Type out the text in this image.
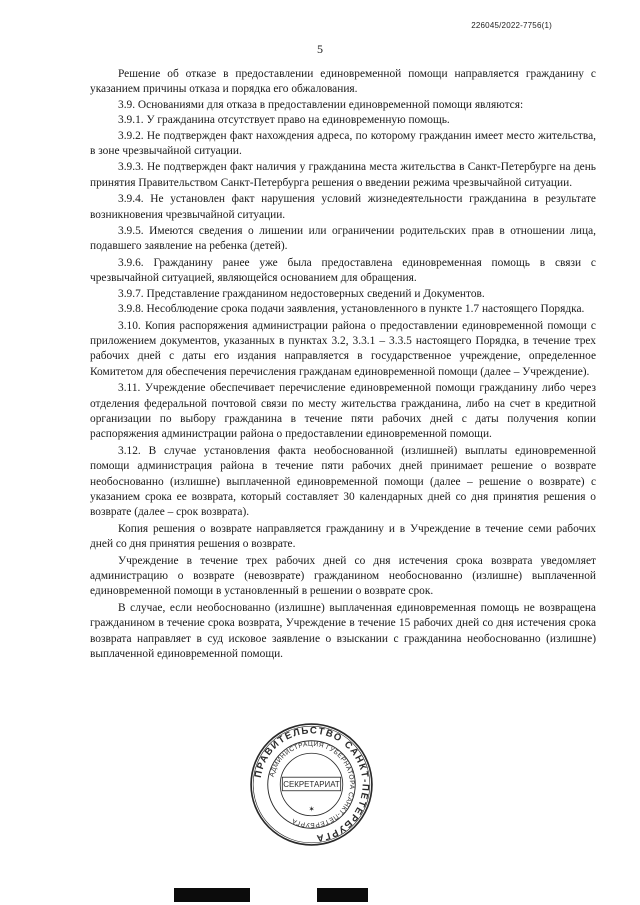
226045/2022-7756(1)
5

Решение об отказе в предоставлении единовременной помощи направляется гражданину с указанием причины отказа и порядка его обжалования.

3.9. Основаниями для отказа в предоставлении единовременной помощи являются:

3.9.1. У гражданина отсутствует право на единовременную помощь.

3.9.2. Не подтвержден факт нахождения адреса, по которому гражданин имеет место жительства, в зоне чрезвычайной ситуации.

3.9.3. Не подтвержден факт наличия у гражданина места жительства в Санкт-Петербурге на день принятия Правительством Санкт-Петербурга решения о введении режима чрезвычайной ситуации.

3.9.4. Не установлен факт нарушения условий жизнедеятельности гражданина в результате возникновения чрезвычайной ситуации.

3.9.5. Имеются сведения о лишении или ограничении родительских прав в отношении лица, подавшего заявление на ребенка (детей).

3.9.6. Гражданину ранее уже была предоставлена единовременная помощь в связи с чрезвычайной ситуацией, являющейся основанием для обращения.

3.9.7. Представление гражданином недостоверных сведений и Документов.

3.9.8. Несоблюдение срока подачи заявления, установленного в пункте 1.7 настоящего Порядка.

3.10. Копия распоряжения администрации района о предоставлении единовременной помощи с приложением документов, указанных в пунктах 3.2, 3.3.1 – 3.3.5 настоящего Порядка, в течение трех рабочих дней с даты его издания направляется в государственное учреждение, определенное Комитетом для обеспечения перечисления гражданам единовременной помощи (далее – Учреждение).

3.11. Учреждение обеспечивает перечисление единовременной помощи гражданину либо через отделения федеральной почтовой связи по месту жительства гражданина, либо на счет в кредитной организации по выбору гражданина в течение пяти рабочих дней с даты получения копии распоряжения администрации района о предоставлении единовременной помощи.

3.12. В случае установления факта необоснованной (излишней) выплаты единовременной помощи администрация района в течение пяти рабочих дней принимает решение о возврате необоснованно (излишне) выплаченной единовременной помощи (далее – решение о возврате) с указанием срока ее возврата, который составляет 30 календарных дней со дня принятия решения о возврате (далее – срок возврата).

Копия решения о возврате направляется гражданину и в Учреждение в течение семи рабочих дней со дня принятия решения о возврате.

Учреждение в течение трех рабочих дней со дня истечения срока возврата уведомляет администрацию о возврате (невозврате) гражданином необоснованно (излишне) выплаченной единовременной помощи в установленный в решении о возврате срок.

В случае, если необоснованно (излишне) выплаченная единовременная помощь не возвращена гражданином в течение срока возврата, Учреждение в течение 15 рабочих дней со дня истечения срока возврата направляет в суд исковое заявление о взыскании с гражданина необоснованно (излишне) выплаченной единовременной помощи.

ПРАВИТЕЛЬСТВО САНКТ-ПЕТЕРБУРГА
АДМИНИСТРАЦИЯ ГУБЕРНАТОРА САНКТ-ПЕТЕРБУРГА
СЕКРЕТАРИАТ
✶
